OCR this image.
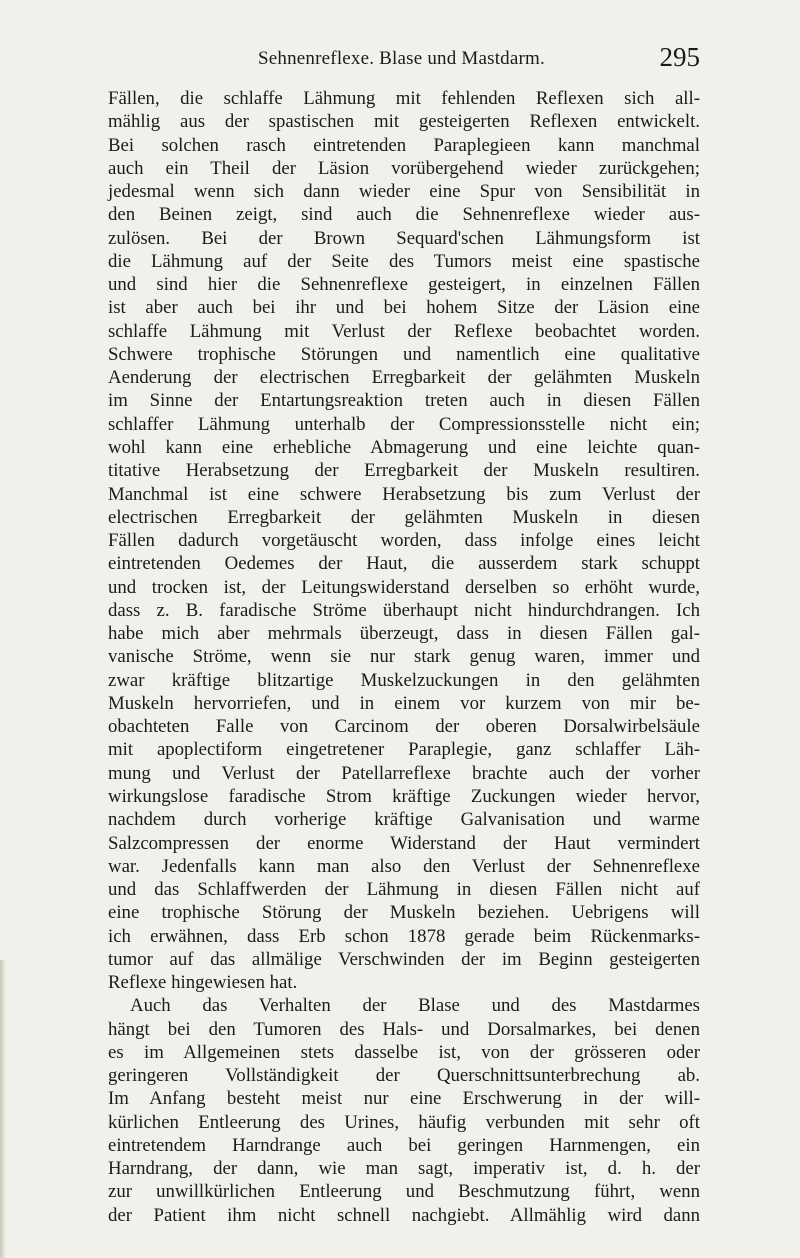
Sehnenreflexe. Blase und Mastdarm.	295
Fällen, die schlaffe Lähmung mit fehlenden Reflexen sich all-
mählig aus der spastischen mit gesteigerten Reflexen entwickelt.
Bei solchen rasch eintretenden Paraplegieen kann manchmal
auch ein Theil der Läsion vorübergehend wieder zurückgehen;
jedesmal wenn sich dann wieder eine Spur von Sensibilität in
den Beinen zeigt, sind auch die Sehnenreflexe wieder aus-
zulösen. Bei der Brown Sequard'schen Lähmungsform ist
die Lähmung auf der Seite des Tumors meist eine spastische
und sind hier die Sehnenreflexe gesteigert, in einzelnen Fällen
ist aber auch bei ihr und bei hohem Sitze der Läsion eine
schlaffe Lähmung mit Verlust der Reflexe beobachtet worden.
Schwere trophische Störungen und namentlich eine qualitative
Aenderung der electrischen Erregbarkeit der gelähmten Muskeln
im Sinne der Entartungsreaktion treten auch in diesen Fällen
schlaffer Lähmung unterhalb der Compressionsstelle nicht ein;
wohl kann eine erhebliche Abmagerung und eine leichte quan-
titative Herabsetzung der Erregbarkeit der Muskeln resultiren.
Manchmal ist eine schwere Herabsetzung bis zum Verlust der
electrischen Erregbarkeit der gelähmten Muskeln in diesen
Fällen dadurch vorgetäuscht worden, dass infolge eines leicht
eintretenden Oedemes der Haut, die ausserdem stark schuppt
und trocken ist, der Leitungswiderstand derselben so erhöht wurde,
dass z. B. faradische Ströme überhaupt nicht hindurchdrangen. Ich
habe mich aber mehrmals überzeugt, dass in diesen Fällen gal-
vanische Ströme, wenn sie nur stark genug waren, immer und
zwar kräftige blitzartige Muskelzuckungen in den gelähmten
Muskeln hervorriefen, und in einem vor kurzem von mir be-
obachteten Falle von Carcinom der oberen Dorsalwirbelsäule
mit apoplectiform eingetretener Paraplegie, ganz schlaffer Läh-
mung und Verlust der Patellarreflexe brachte auch der vorher
wirkungslose faradische Strom kräftige Zuckungen wieder hervor,
nachdem durch vorherige kräftige Galvanisation und warme
Salzcompressen der enorme Widerstand der Haut vermindert
war. Jedenfalls kann man also den Verlust der Sehnenreflexe
und das Schlaffwerden der Lähmung in diesen Fällen nicht auf
eine trophische Störung der Muskeln beziehen. Uebrigens will
ich erwähnen, dass Erb schon 1878 gerade beim Rückenmarks-
tumor auf das allmälige Verschwinden der im Beginn gesteigerten
Reflexe hingewiesen hat.
Auch das Verhalten der Blase und des Mastdarmes
hängt bei den Tumoren des Hals- und Dorsalmarkes, bei denen
es im Allgemeinen stets dasselbe ist, von der grösseren oder
geringeren Vollständigkeit der Querschnittsunterbrechung ab.
Im Anfang besteht meist nur eine Erschwerung in der will-
kürlichen Entleerung des Urines, häufig verbunden mit sehr oft
eintretendem Harndrange auch bei geringen Harnmengen, ein
Harndrang, der dann, wie man sagt, imperativ ist, d. h. der
zur unwillkürlichen Entleerung und Beschmutzung führt, wenn
der Patient ihm nicht schnell nachgiebt. Allmählig wird dann
